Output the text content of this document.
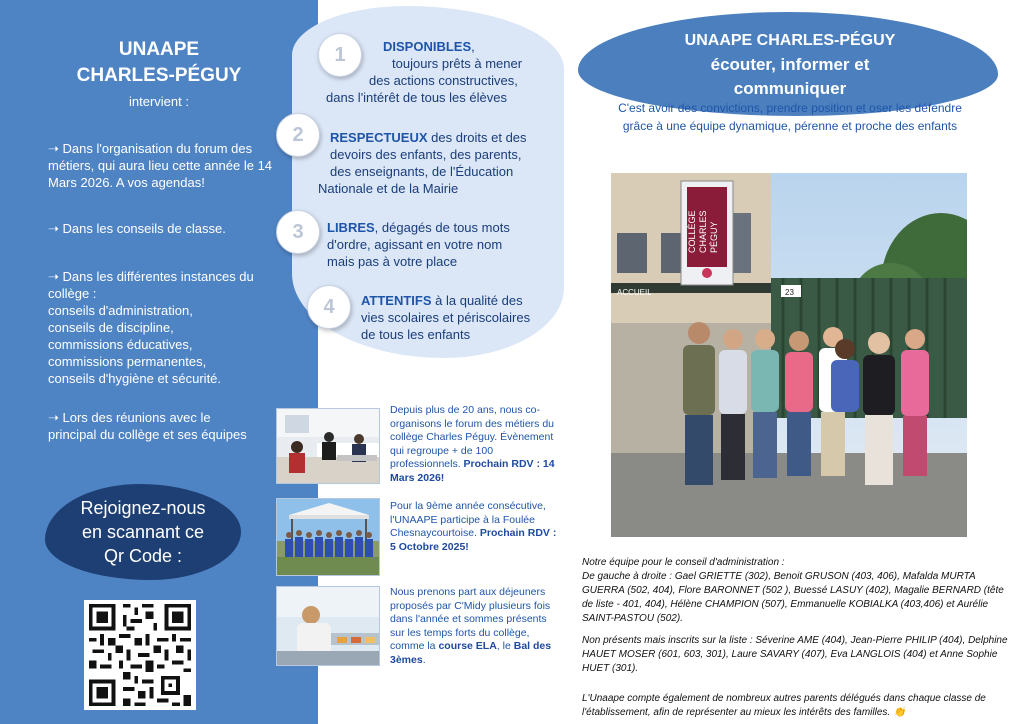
UNAAPE
CHARLES-PÉGUY
intervient :
➝ Dans l'organisation du forum des métiers, qui aura lieu cette année le 14 Mars 2026. A vos agendas!
➝ Dans les conseils de classe.
➝ Dans les différentes instances du collège :
conseils d'administration,
conseils de discipline,
commissions éducatives,
commissions permanentes,
conseils d'hygiène et sécurité.
➝ Lors des réunions avec le principal du collège et ses équipes
Rejoignez-nous
en scannant ce
Qr Code :
1	DISPONIBLES,
toujours prêts à mener
des actions constructives,
dans l'intérêt de tous les élèves
2	RESPECTUEUX des droits et des
devoirs des enfants, des parents,
des enseignants, de l'Éducation
Nationale et de la Mairie
3	LIBRES, dégagés de tous mots
d'ordre, agissant en votre nom
mais pas à votre place
4	ATTENTIFS à la qualité des
vies scolaires et périscolaires
de tous les enfants
Depuis plus de 20 ans, nous co-organisons le forum des métiers du collège Charles Péguy. Évènement qui regroupe + de 100 professionnels. Prochain RDV : 14 Mars 2026!
Pour la 9ème année consécutive, l'UNAAPE participe à la Foulée Chesnaycourtoise. Prochain RDV : 5 Octobre 2025!
Nous prenons part aux déjeuners proposés par C'Midy plusieurs fois dans l'année et sommes présents sur les temps forts du collège, comme la course ELA, le Bal des 3èmes.
UNAAPE CHARLES-PÉGUY
écouter, informer et
communiquer
C'est avoir des convictions, prendre position et oser les défendre grâce à une équipe dynamique, pérenne et proche des enfants
ACCUEIL
COLLÈGE CHARLES PÉGUY
23
Notre équipe pour le conseil d'administration :
De gauche à droite : Gael GRIETTE (302), Benoit GRUSON (403, 406), Mafalda MURTA GUERRA (502, 404), Flore BARONNET (502 ), Buessé LASUY (402), Magalie BERNARD (tête de liste - 401, 404), Hélène CHAMPION (507), Emmanuelle KOBIALKA (403,406) et Aurélie SAINT-PASTOU (502).
Non présents mais inscrits sur la liste : Séverine AME (404), Jean-Pierre PHILIP (404), Delphine HAUET MOSER (601, 603, 301), Laure SAVARY (407), Eva LANGLOIS (404) et Anne Sophie HUET (301).
L'Unaape compte également de nombreux autres parents délégués dans chaque classe de l'établissement, afin de représenter au mieux les intérêts des familles. 👏
